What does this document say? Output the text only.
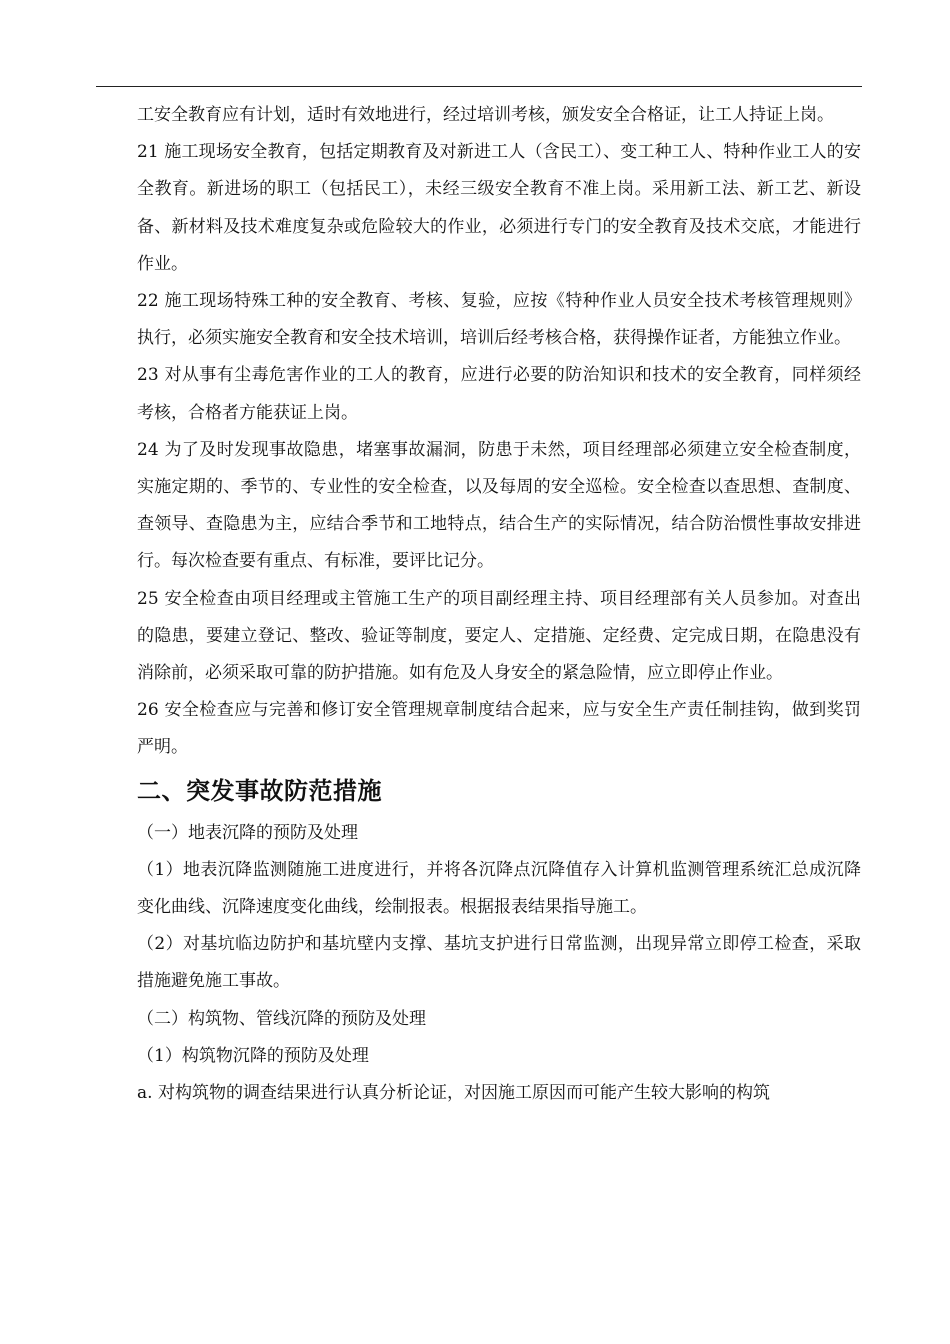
工安全教育应有计划，适时有效地进行，经过培训考核，颁发安全合格证，让工人持证上岗。

21 施工现场安全教育，包括定期教育及对新进工人（含民工）、变工种工人、特种作业工人的安全教育。新进场的职工（包括民工），未经三级安全教育不准上岗。采用新工法、新工艺、新设备、新材料及技术难度复杂或危险较大的作业，必须进行专门的安全教育及技术交底，才能进行作业。

22 施工现场特殊工种的安全教育、考核、复验，应按《特种作业人员安全技术考核管理规则》执行，必须实施安全教育和安全技术培训，培训后经考核合格，获得操作证者，方能独立作业。

23 对从事有尘毒危害作业的工人的教育，应进行必要的防治知识和技术的安全教育，同样须经考核，合格者方能获证上岗。

24 为了及时发现事故隐患，堵塞事故漏洞，防患于未然，项目经理部必须建立安全检查制度，实施定期的、季节的、专业性的安全检查，以及每周的安全巡检。安全检查以查思想、查制度、查领导、查隐患为主，应结合季节和工地特点，结合生产的实际情况，结合防治惯性事故安排进行。每次检查要有重点、有标准，要评比记分。

25 安全检查由项目经理或主管施工生产的项目副经理主持、项目经理部有关人员参加。对查出的隐患，要建立登记、整改、验证等制度，要定人、定措施、定经费、定完成日期，在隐患没有消除前，必须采取可靠的防护措施。如有危及人身安全的紧急险情，应立即停止作业。

26 安全检查应与完善和修订安全管理规章制度结合起来，应与安全生产责任制挂钩，做到奖罚严明。

二、突发事故防范措施

（一）地表沉降的预防及处理

（1）地表沉降监测随施工进度进行，并将各沉降点沉降值存入计算机监测管理系统汇总成沉降变化曲线、沉降速度变化曲线，绘制报表。根据报表结果指导施工。

（2）对基坑临边防护和基坑壁内支撑、基坑支护进行日常监测，出现异常立即停工检查，采取措施避免施工事故。

（二）构筑物、管线沉降的预防及处理

（1）构筑物沉降的预防及处理

a. 对构筑物的调查结果进行认真分析论证，对因施工原因而可能产生较大影响的构筑
